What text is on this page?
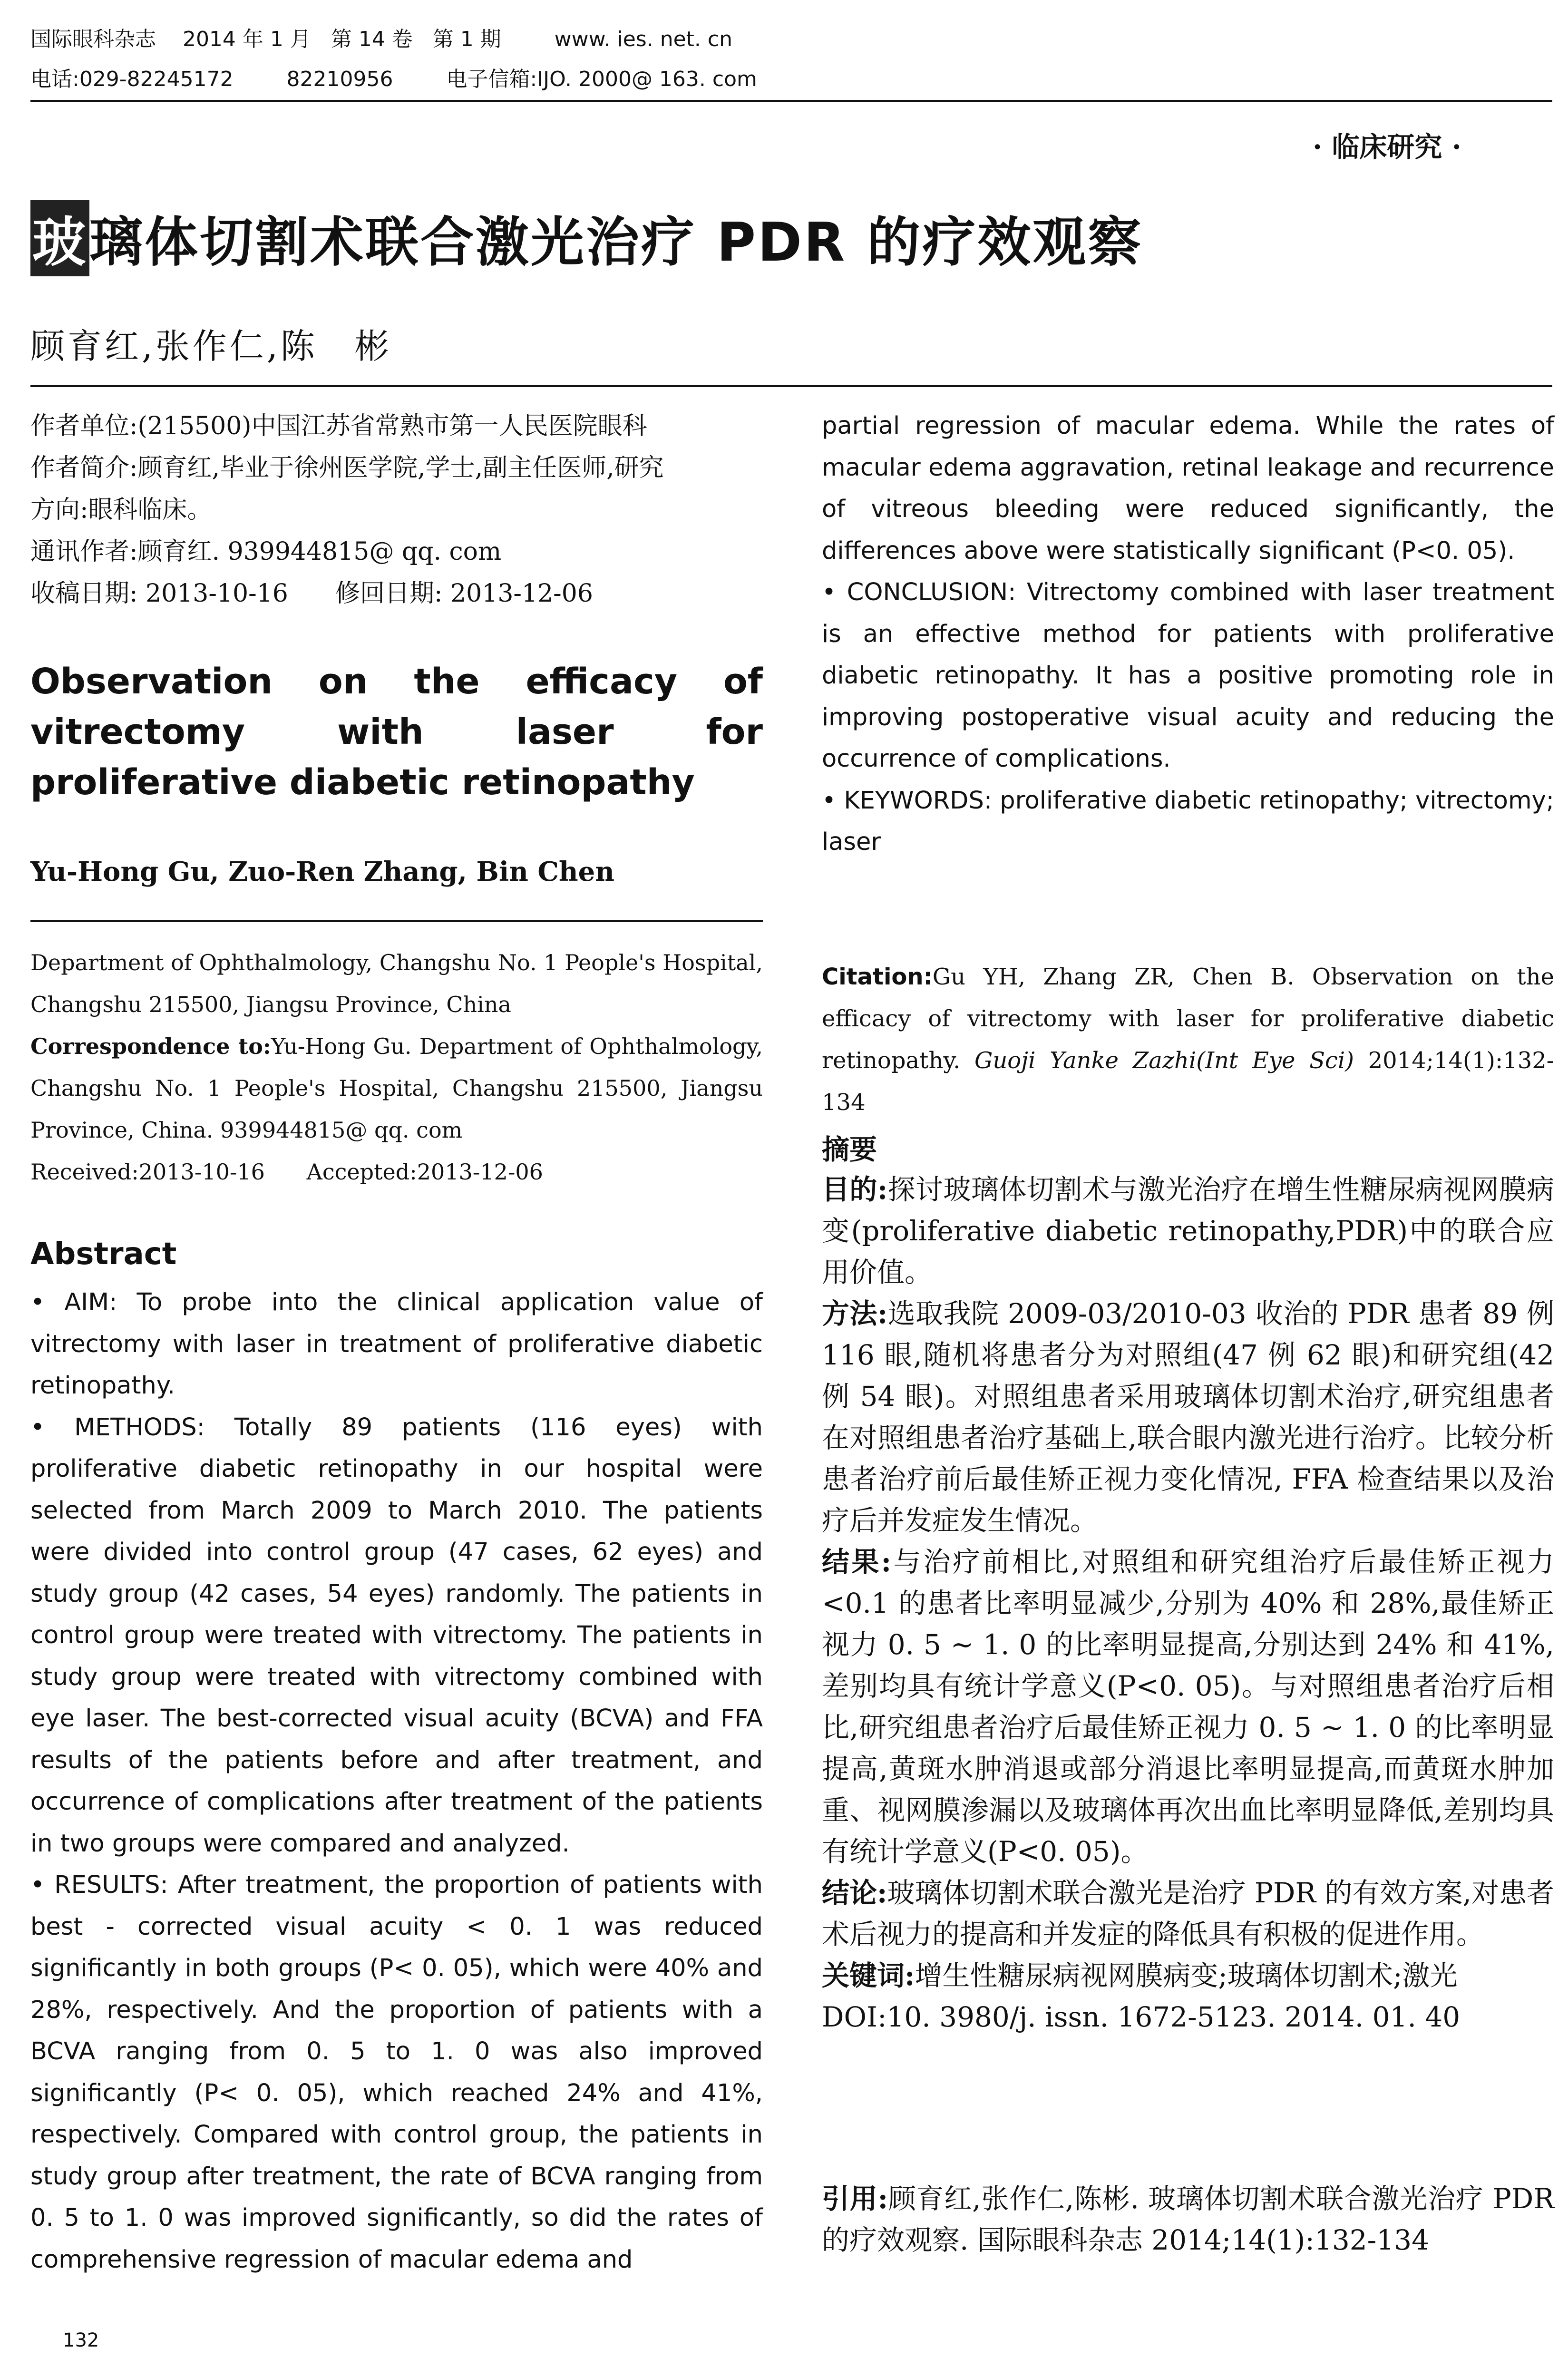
国际眼科杂志    2014 年 1 月   第 14 卷   第 1 期        www. ies. net. cn
电话:029-82245172        82210956        电子信箱:IJO. 2000@ 163. com
· 临床研究 ·
玻璃体切割术联合激光治疗 PDR 的疗效观察
顾育红,张作仁,陈　彬

作者单位:(215500)中国江苏省常熟市第一人民医院眼科

作者简介:顾育红,毕业于徐州医学院,学士,副主任医师,研究

方向:眼科临床。

通讯作者:顾育红. 939944815@ qq. com

收稿日期: 2013-10-16      修回日期: 2013-12-06

Observation on the efficacy of vitrectomy with laser for proliferative diabetic retinopathy
Yu-Hong Gu, Zuo-Ren Zhang, Bin Chen

Department of Ophthalmology, Changshu No. 1 People's Hospital, Changshu 215500, Jiangsu Province, China

Correspondence to:Yu-Hong Gu. Department of Ophthalmology, Changshu No. 1 People's Hospital, Changshu 215500, Jiangsu Province, China. 939944815@ qq. com

Received:2013-10-16      Accepted:2013-12-06

Abstract

• AIM: To probe into the clinical application value of vitrectomy with laser in treatment of proliferative diabetic retinopathy.

• METHODS: Totally 89 patients (116 eyes) with proliferative diabetic retinopathy in our hospital were selected from March 2009 to March 2010. The patients were divided into control group (47 cases, 62 eyes) and study group (42 cases, 54 eyes) randomly. The patients in control group were treated with vitrectomy. The patients in study group were treated with vitrectomy combined with eye laser. The best-corrected visual acuity (BCVA) and FFA results of the patients before and after treatment, and occurrence of complications after treatment of the patients in two groups were compared and analyzed.

• RESULTS: After treatment, the proportion of patients with best - corrected visual acuity < 0. 1 was reduced significantly in both groups (P< 0. 05), which were 40% and 28%, respectively. And the proportion of patients with a BCVA ranging from 0. 5 to 1. 0 was also improved significantly (P< 0. 05), which reached 24% and 41%, respectively. Compared with control group, the patients in study group after treatment, the rate of BCVA ranging from 0. 5 to 1. 0 was improved significantly, so did the rates of comprehensive regression of macular edema and

132

partial regression of macular edema. While the rates of macular edema aggravation, retinal leakage and recurrence of vitreous bleeding were reduced significantly, the differences above were statistically significant (P<0. 05).

• CONCLUSION: Vitrectomy combined with laser treatment is an effective method for patients with proliferative diabetic retinopathy. It has a positive promoting role in improving postoperative visual acuity and reducing the occurrence of complications.

• KEYWORDS: proliferative diabetic retinopathy; vitrectomy; laser

Citation:Gu YH, Zhang ZR, Chen B. Observation on the efficacy of vitrectomy with laser for proliferative diabetic retinopathy. Guoji Yanke Zazhi(Int Eye Sci) 2014;14(1):132-134

摘要

目的:探讨玻璃体切割术与激光治疗在增生性糖尿病视网膜病变(proliferative diabetic retinopathy,PDR)中的联合应用价值。

方法:选取我院 2009-03/2010-03 收治的 PDR 患者 89 例 116 眼,随机将患者分为对照组(47 例 62 眼)和研究组(42 例 54 眼)。对照组患者采用玻璃体切割术治疗,研究组患者在对照组患者治疗基础上,联合眼内激光进行治疗。比较分析患者治疗前后最佳矫正视力变化情况, FFA 检查结果以及治疗后并发症发生情况。

结果:与治疗前相比,对照组和研究组治疗后最佳矫正视力<0.1 的患者比率明显减少,分别为 40% 和 28%,最佳矫正视力 0. 5 ~ 1. 0 的比率明显提高,分别达到 24% 和 41%,差别均具有统计学意义(P<0. 05)。与对照组患者治疗后相比,研究组患者治疗后最佳矫正视力 0. 5 ~ 1. 0 的比率明显提高,黄斑水肿消退或部分消退比率明显提高,而黄斑水肿加重、视网膜渗漏以及玻璃体再次出血比率明显降低,差别均具有统计学意义(P<0. 05)。

结论:玻璃体切割术联合激光是治疗 PDR 的有效方案,对患者术后视力的提高和并发症的降低具有积极的促进作用。

关键词:增生性糖尿病视网膜病变;玻璃体切割术;激光

DOI:10. 3980/j. issn. 1672-5123. 2014. 01. 40

引用:顾育红,张作仁,陈彬. 玻璃体切割术联合激光治疗 PDR 的疗效观察. 国际眼科杂志 2014;14(1):132-134
